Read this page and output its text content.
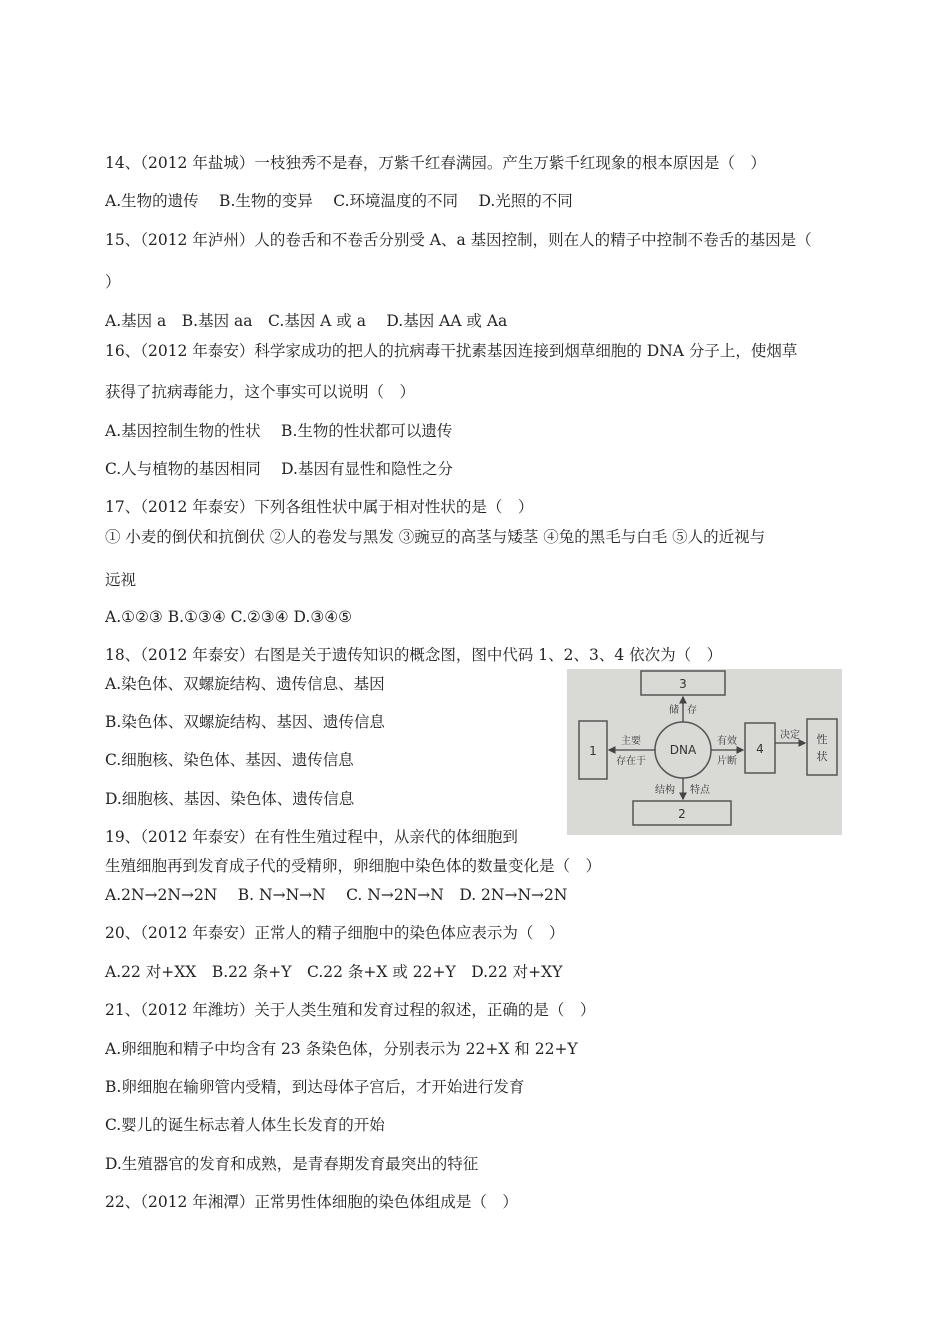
14、（2012 年盐城）一枝独秀不是春，万紫千红春满园。产生万紫千红现象的根本原因是（　）
A.生物的遗传　 B.生物的变异　 C.环境温度的不同　 D.光照的不同
15、（2012 年泸州）人的卷舌和不卷舌分别受 A、a 基因控制，则在人的精子中控制不卷舌的基因是（
）
A.基因 a　B.基因 aa　C.基因 A 或 a　 D.基因 AA 或 Aa
16、（2012 年泰安）科学家成功的把人的抗病毒干扰素基因连接到烟草细胞的 DNA 分子上，使烟草
获得了抗病毒能力，这个事实可以说明（　）
A.基因控制生物的性状　 B.生物的性状都可以遗传
C.人与植物的基因相同　 D.基因有显性和隐性之分
17、（2012 年泰安）下列各组性状中属于相对性状的是（　）
① 小麦的倒伏和抗倒伏 ②人的卷发与黑发 ③豌豆的高茎与矮茎 ④兔的黑毛与白毛 ⑤人的近视与
远视
A.①②③ B.①③④ C.②③④ D.③④⑤
18、（2012 年泰安）右图是关于遗传知识的概念图，图中代码 1、2、3、4 依次为（　）
A.染色体、双螺旋结构、遗传信息、基因
B.染色体、双螺旋结构、基因、遗传信息
C.细胞核、染色体、基因、遗传信息
D.细胞核、基因、染色体、遗传信息
19、（2012 年泰安）在有性生殖过程中，从亲代的体细胞到
生殖细胞再到发育成子代的受精卵，卵细胞中染色体的数量变化是（　）
A.2N→2N→2N　 B. N→N→N　 C. N→2N→N　D. 2N→N→2N
20、（2012 年泰安）正常人的精子细胞中的染色体应表示为（　）
A.22 对+XX　B.22 条+Y　C.22 条+X 或 22+Y　D.22 对+XY
21、（2012 年潍坊）关于人类生殖和发育过程的叙述，正确的是（　）
A.卵细胞和精子中均含有 23 条染色体，分别表示为 22+X 和 22+Y
B.卵细胞在输卵管内受精，到达母体子宫后，才开始进行发育
C.婴儿的诞生标志着人体生长发育的开始
D.生殖器官的发育和成熟，是青春期发育最突出的特征
22、（2012 年湘潭）正常男性体细胞的染色体组成是（　）
3
1	DNA	4
性
状
2
主要
存在于
储 存
有效
片断
决定
结构 特点
